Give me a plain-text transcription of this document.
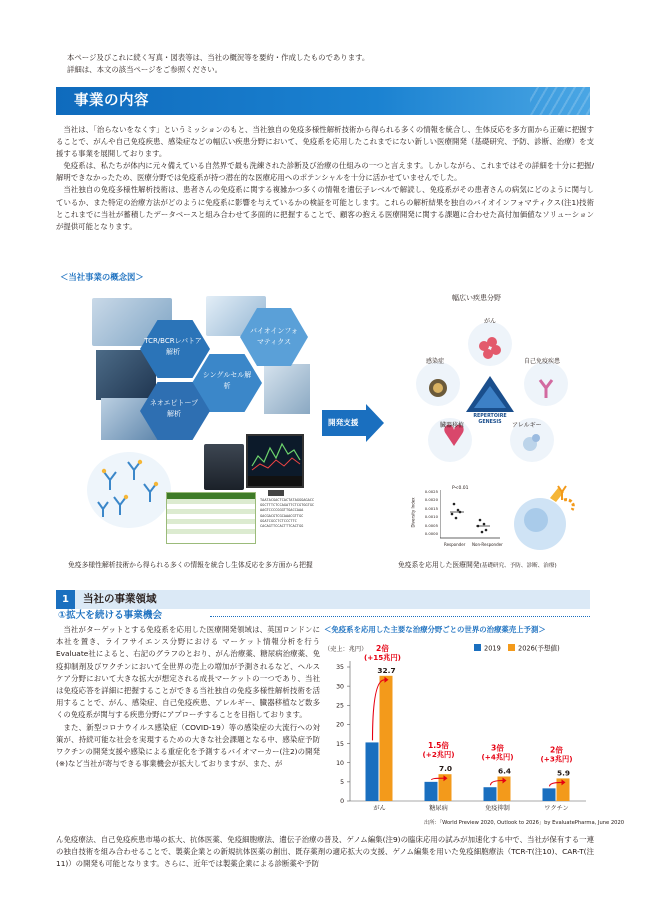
本ページ及びこれに続く写真・図表等は、当社の概況等を要約・作成したものであります。

詳細は、本文の該当ページをご参照ください。

事業の内容

当社は、「治らないをなくす」というミッションのもと、当社独自の免疫多様性解析技術から得られる多くの情報を統合し、生体反応を多方面から正確に把握することで、がんや自己免疫疾患、感染症などの幅広い疾患分野において、免疫系を応用したこれまでにない新しい医療開発（基礎研究、予防、診断、治療）を支援する事業を展開しております。

免疫系は、私たちが体内に元々備えている自然界で最も洗練された診断及び治療の仕組みの一つと言えます。しかしながら、これまではその詳細を十分に把握/解明できなかったため、医療分野では免疫系が持つ潜在的な医療応用へのポテンシャルを十分に活かせていませんでした。

当社独自の免疫多様性解析技術は、患者さんの免疫系に関する複雑かつ多くの情報を遺伝子レベルで解読し、免疫系がその患者さんの病気にどのように関与しているか、また特定の治療方法がどのように免疫系に影響を与えているかの検証を可能とします。これらの解析結果を独自のバイオインフォマティクス(注1)技術とこれまでに当社が蓄積したデータベースと組み合わせて多面的に把握することで、顧客の抱える医療開発に関する課題に合わせた高付加価値なソリューションが提供可能となります。

＜当社事業の概念図＞
TCR/BCRレパトア解析
バイオインフォマティクス
シングルセル解析
ネオエピトープ解析
TAATACGACTCACTATAGGGAGACC
GGCTTTCTCCAGATTCTCGTGGTGC
AAGTCCCCGGGTTGACCAAA
GACGACGTCGCAAACGTTGC
GGATCGCCTCTCCCTTC
CACAGTTCCACTTTCACTGG
開発支援
幅広い疾患分野
がん
感染症	自己免疫疾患
臓器移植	アレルギー
REPERTOIRE
GENESIS
P<0.01
Diversity Index
0.0025
0.0020
0.0015
0.0010
0.0005
0.0000
Responder Non-Responder
免疫多様性解析技術から得られる多くの情報を統合し生体反応を多方面から把握	免疫系を応用した医療開発(基礎研究、予防、診断、治療)
1	当社の事業領域
①拡大を続ける事業機会

当社がターゲットとする免疫系を応用した医療開発領域は、英国ロンドンに本社を置き、ライフサイエンス分野における マーケット情報分析を行うEvaluate社によると、右記のグラフのとおり、がん治療薬、糖尿病治療薬、免疫抑制剤及びワクチンにおいて全世界の売上の増加が予測されるなど、ヘルスケア分野において大きな拡大が想定される成長マーケットの一つであり、当社は免疫応答を詳細に把握することができる当社独自の免疫多様性解析技術を活用することで、がん、感染症、自己免疫疾患、アレルギー、臓器移植など数多くの免疫系が関与する疾患分野にアプローチすることを目指しております。

また、新型コロナウイルス感染症（COVID-19）等の感染症の大流行への対策が、持続可能な社会を実現するための大きな社会課題となる中、感染症予防ワクチンの開発支援や感染による重症化を予測するバイオマーカー(注2)の開発(※)など当社が寄与できる事業機会が拡大しておりますが、また、が

＜免疫系を応用した主要な治療分野ごとの世界の治療薬売上予測＞
（売上：兆円）	2019	2026(予想値)
0
5
10
15
20
25
30
35
がん
32.7
2倍
(+15兆円)
糖尿病
7.0
1.5倍
(+2兆円)
免疫抑制
6.4
3倍
(+4兆円)
ワクチン
5.9
2倍
(+3兆円)
出所：「World Preview 2020, Outlook to 2026」by EvaluatePharma, June 2020

ん免疫療法、自己免疫疾患市場の拡大、抗体医薬、免疫細胞療法、遺伝子治療の普及、ゲノム編集(注9)の臨床応用の試みが加速化する中で、当社が保有する一連の独自技術を組み合わせることで、製薬企業との新規抗体医薬の創出、既存薬剤の適応拡大の支援、ゲノム編集を用いた免疫細胞療法（TCR-T(注10)、CAR-T(注11)）の開発も可能となります。さらに、近年では製薬企業による診断薬や予防
